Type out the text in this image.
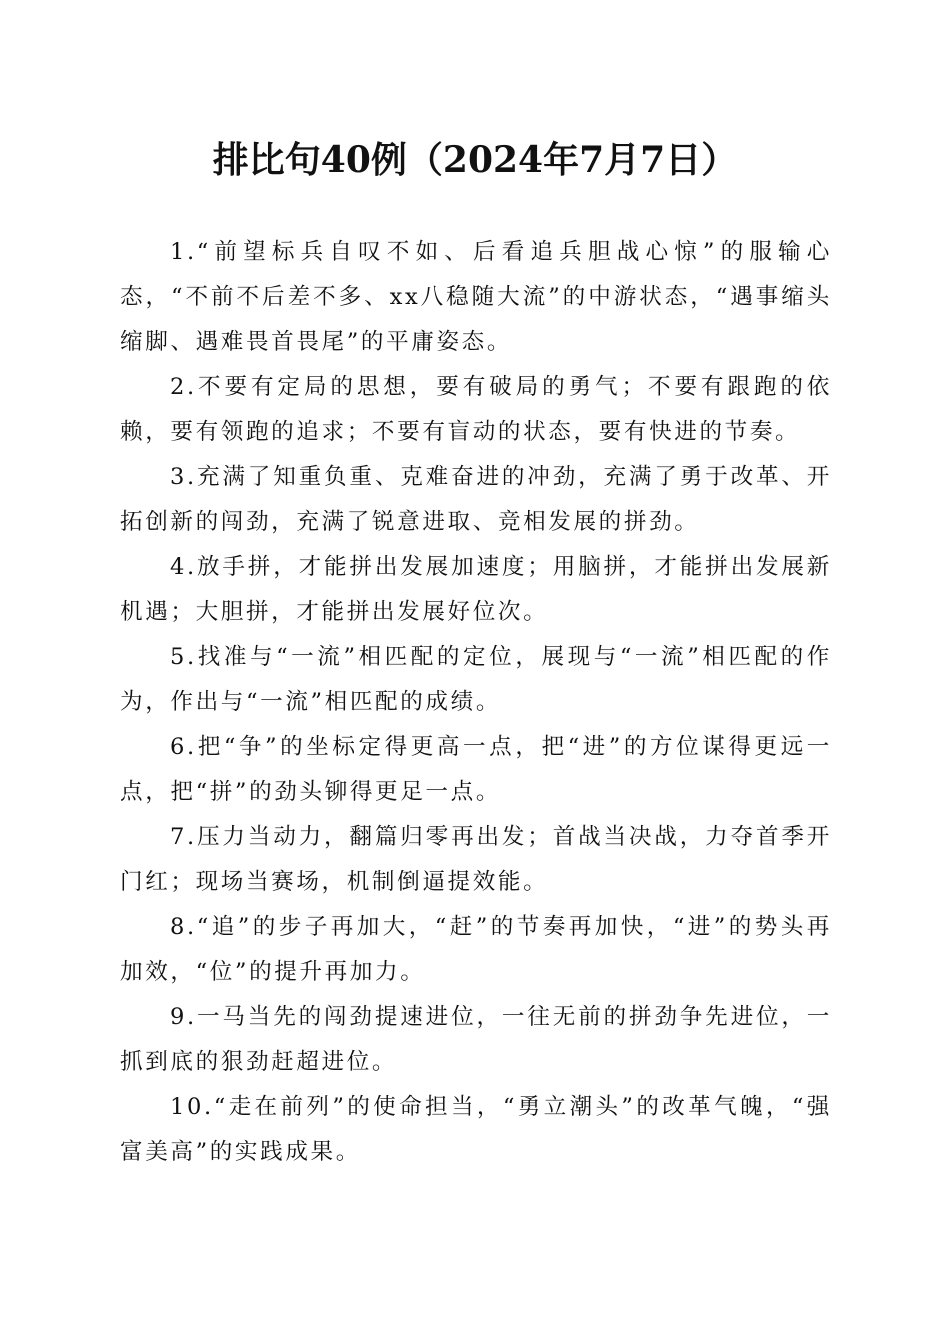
排比句40例（2024年7月7日）

1.“前望标兵自叹不如、后看追兵胆战心惊”的服输心态，“不前不后差不多、xx八稳随大流”的中游状态，“遇事缩头缩脚、遇难畏首畏尾”的平庸姿态。

2.不要有定局的思想，要有破局的勇气；不要有跟跑的依赖，要有领跑的追求；不要有盲动的状态，要有快进的节奏。

3.充满了知重负重、克难奋进的冲劲，充满了勇于改革、开拓创新的闯劲，充满了锐意进取、竞相发展的拼劲。

4.放手拼，才能拼出发展加速度；用脑拼，才能拼出发展新机遇；大胆拼，才能拼出发展好位次。

5.找准与“一流”相匹配的定位，展现与“一流”相匹配的作为，作出与“一流”相匹配的成绩。

6.把“争”的坐标定得更高一点，把“进”的方位谋得更远一点，把“拼”的劲头铆得更足一点。

7.压力当动力，翻篇归零再出发；首战当决战，力夺首季开门红；现场当赛场，机制倒逼提效能。

8.“追”的步子再加大，“赶”的节奏再加快，“进”的势头再加效，“位”的提升再加力。

9.一马当先的闯劲提速进位，一往无前的拼劲争先进位，一抓到底的狠劲赶超进位。

10.“走在前列”的使命担当，“勇立潮头”的改革气魄，“强富美高”的实践成果。
